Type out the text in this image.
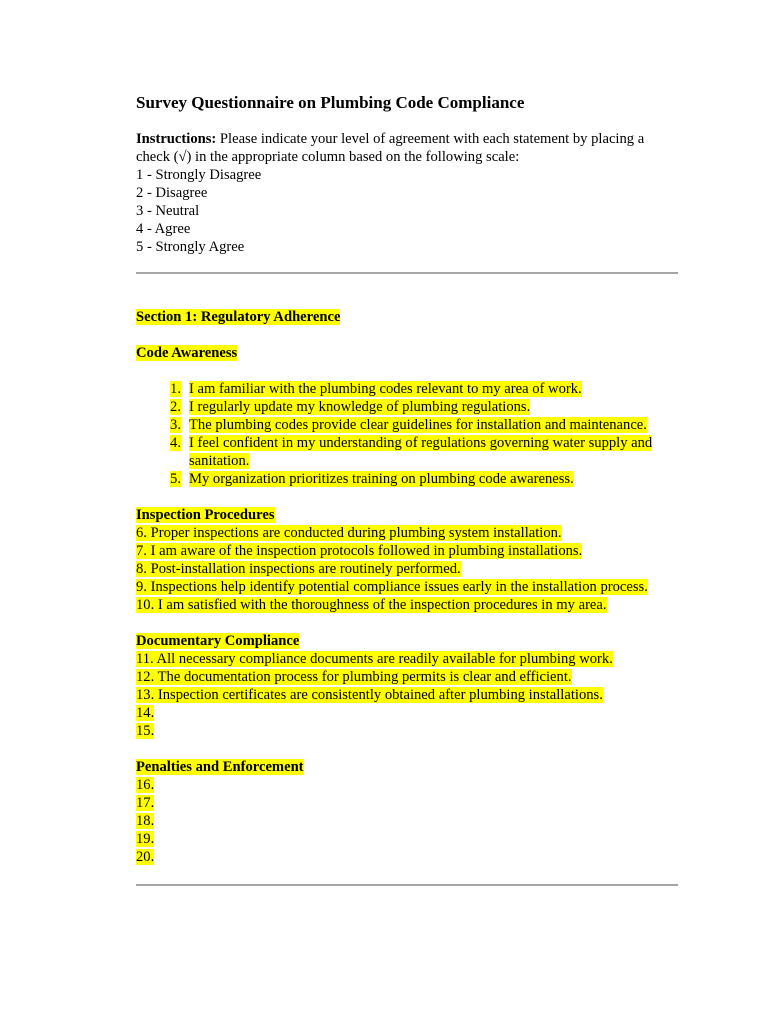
Survey Questionnaire on Plumbing Code Compliance

Instructions: Please indicate your level of agreement with each statement by placing a check (√) in the appropriate column based on the following scale:

1 - Strongly Disagree

2 - Disagree

3 - Neutral

4 - Agree

5 - Strongly Agree

Section 1: Regulatory Adherence

Code Awareness

1. I am familiar with the plumbing codes relevant to my area of work.
2. I regularly update my knowledge of plumbing regulations.
3. The plumbing codes provide clear guidelines for installation and maintenance.
4. I feel confident in my understanding of regulations governing water supply and sanitation.
5. My organization prioritizes training on plumbing code awareness.

Inspection Procedures

6. Proper inspections are conducted during plumbing system installation.

7. I am aware of the inspection protocols followed in plumbing installations.

8. Post-installation inspections are routinely performed.

9. Inspections help identify potential compliance issues early in the installation process.

10. I am satisfied with the thoroughness of the inspection procedures in my area.

Documentary Compliance

11. All necessary compliance documents are readily available for plumbing work.

12. The documentation process for plumbing permits is clear and efficient.

13. Inspection certificates are consistently obtained after plumbing installations.

14.

15.

Penalties and Enforcement

16.

17.

18.

19.

20.
